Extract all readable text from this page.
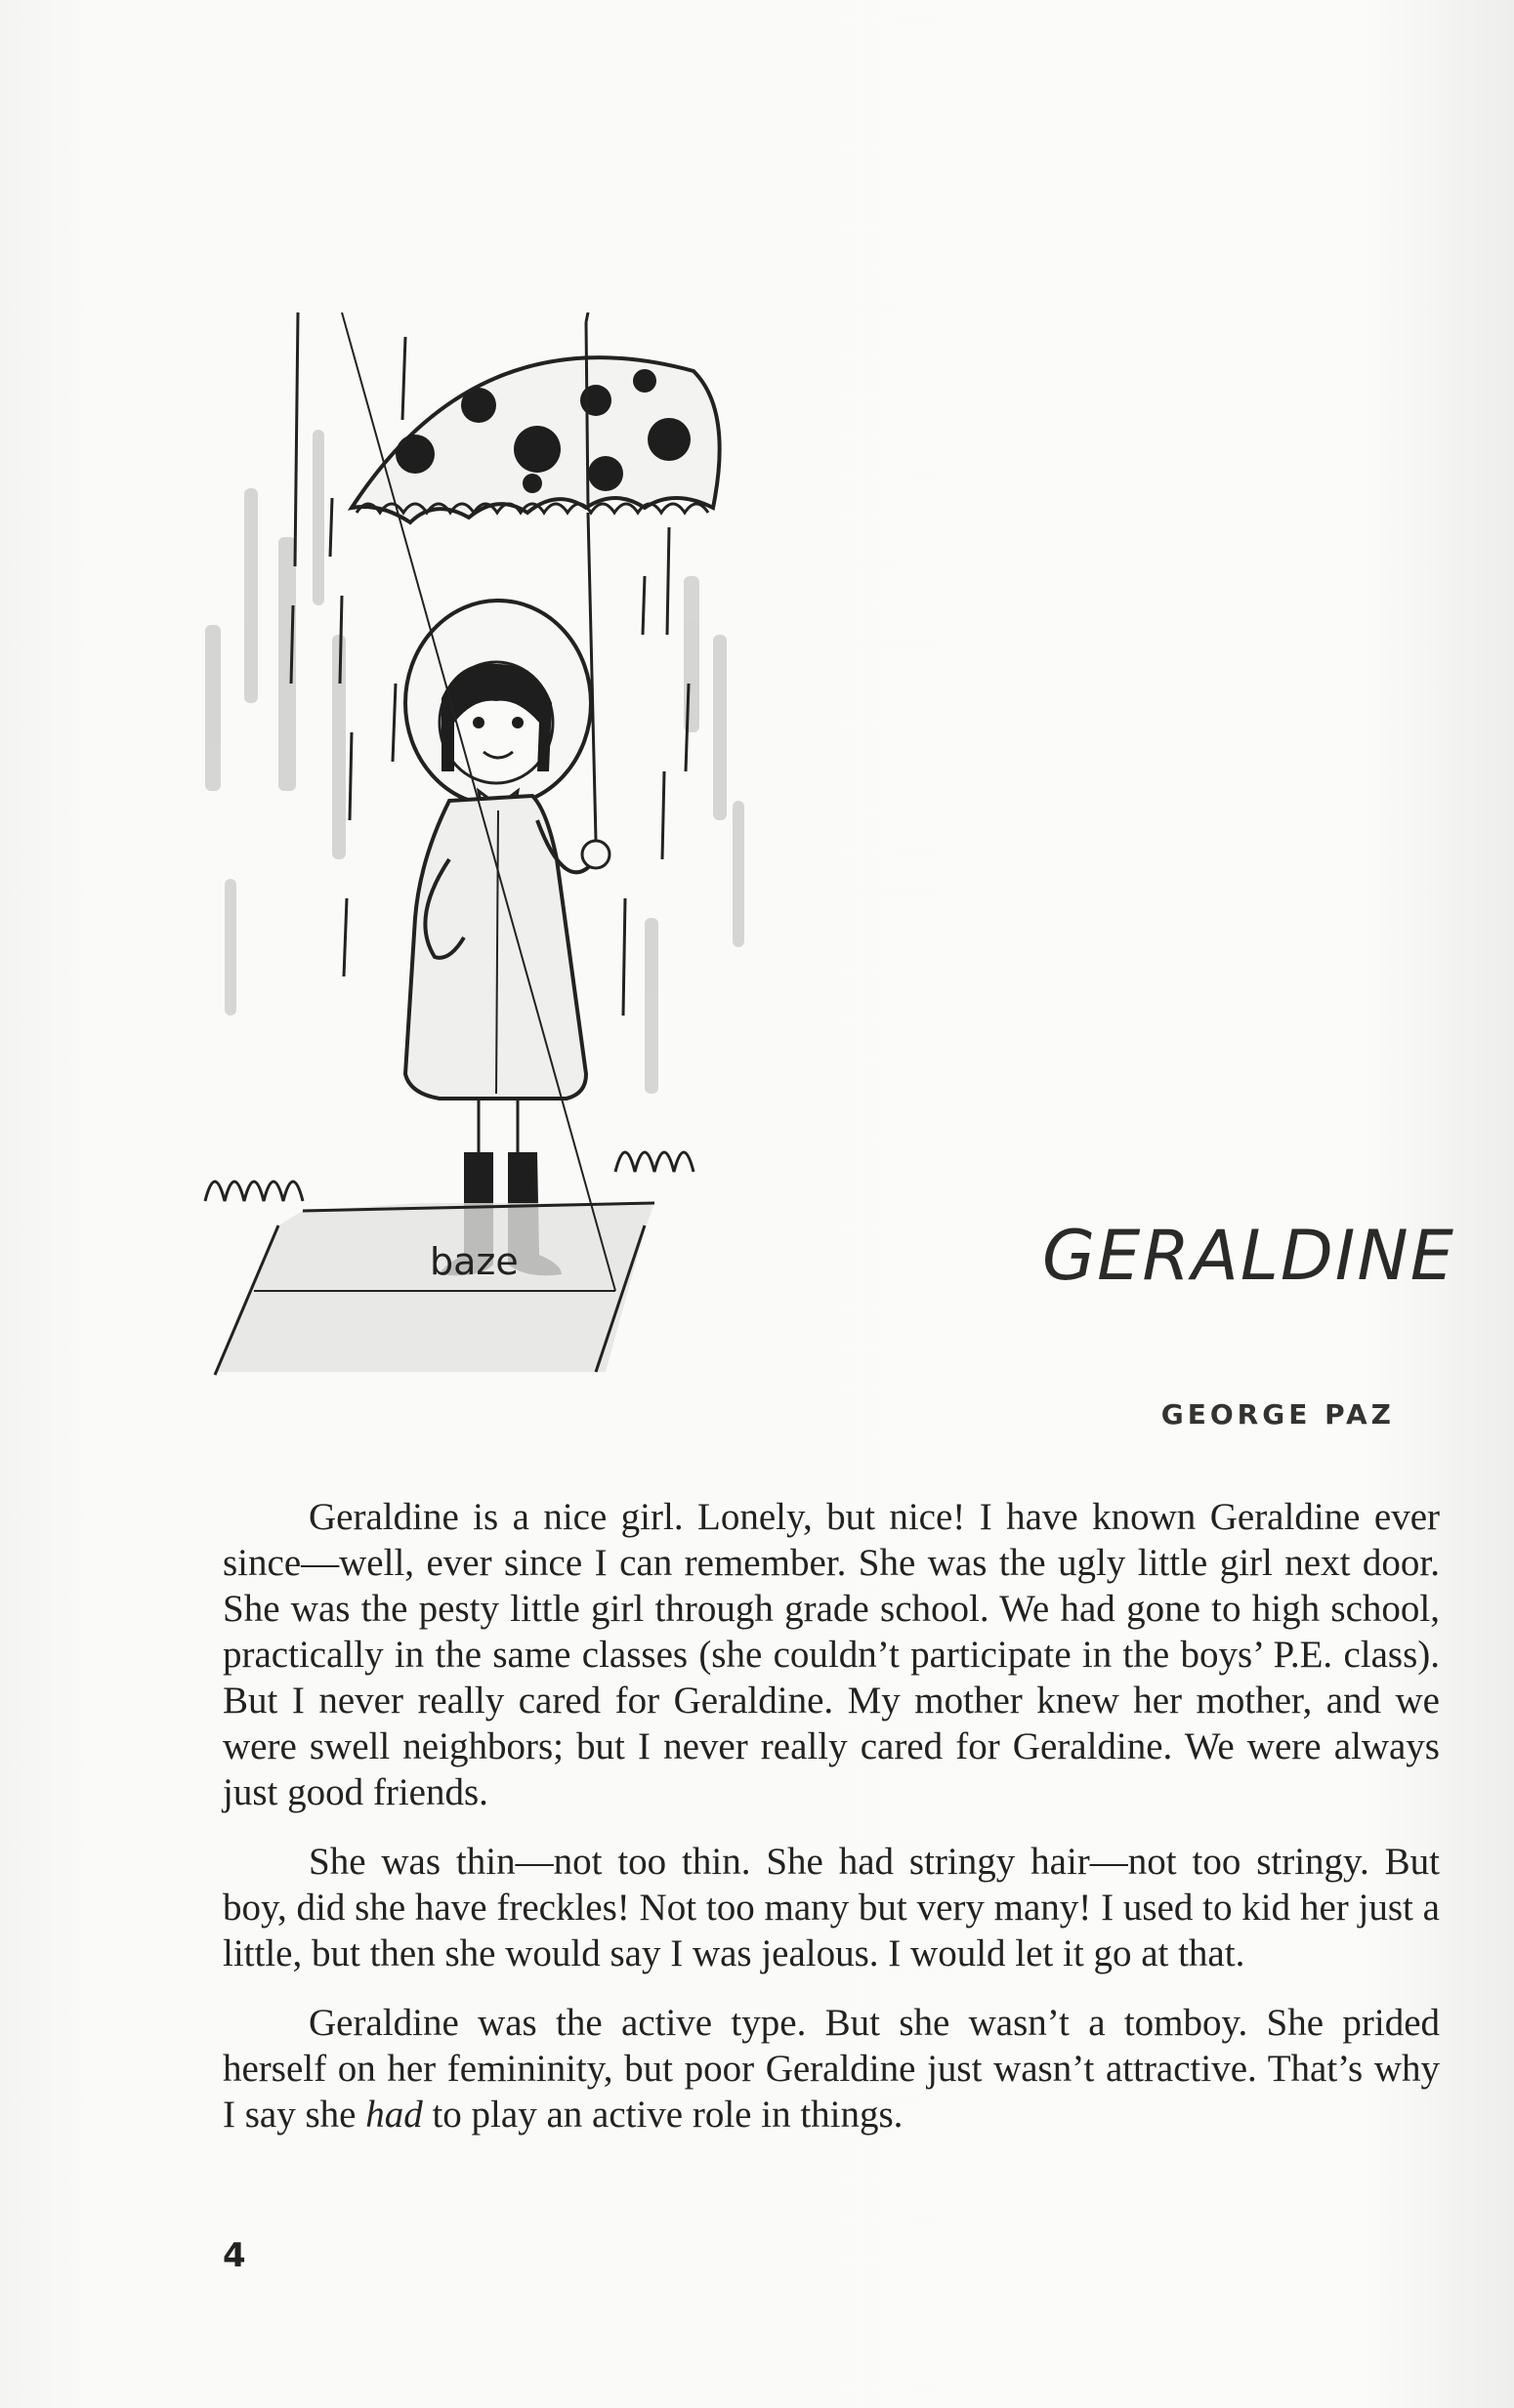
baze	GERALDINE
GEORGE PAZ

Geraldine is a nice girl. Lonely, but nice! I have known Geraldine ever since—well, ever since I can remember. She was the ugly little girl next door. She was the pesty little girl through grade school. We had gone to high school, practically in the same classes (she couldn’t participate in the boys’ P.E. class). But I never really cared for Geraldine. My mother knew her mother, and we were swell neighbors; but I never really cared for Geraldine. We were always just good friends.

She was thin—not too thin. She had stringy hair—not too stringy. But boy, did she have freckles! Not too many but very many! I used to kid her just a little, but then she would say I was jealous. I would let it go at that.

Geraldine was the active type. But she wasn’t a tomboy. She prided herself on her femininity, but poor Geraldine just wasn’t attractive. That’s why I say she had to play an active role in things.

4
